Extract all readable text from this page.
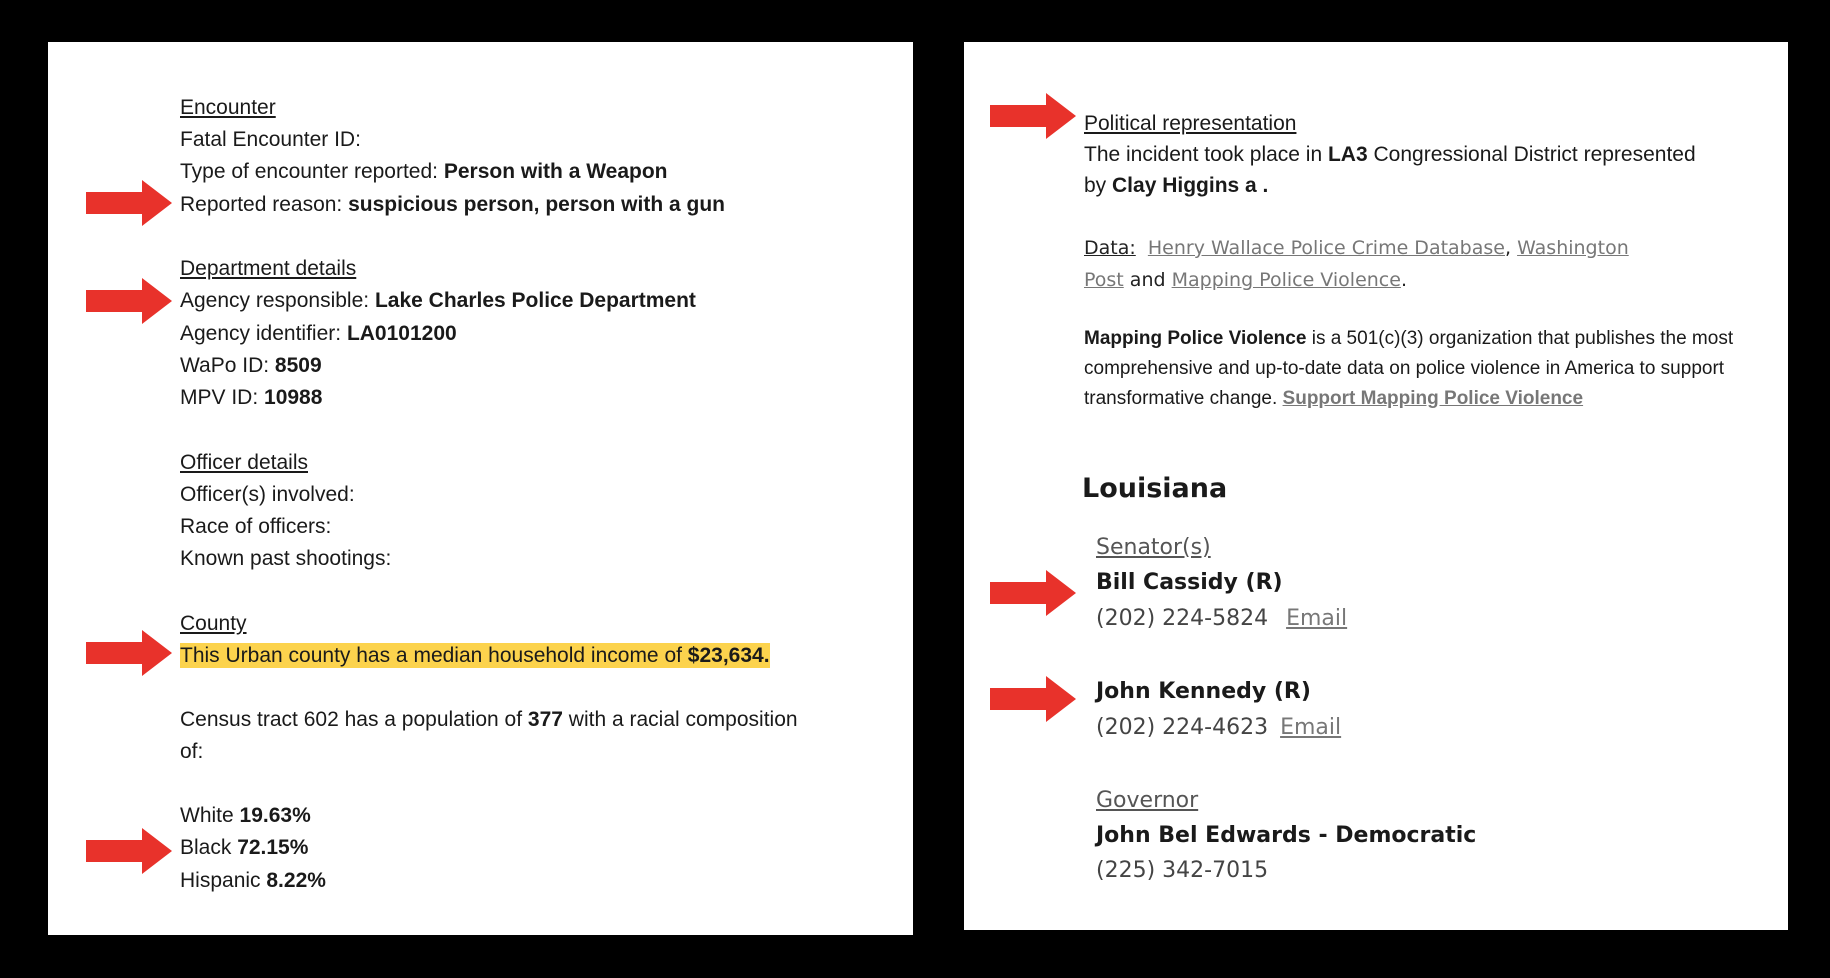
Encounter
Fatal Encounter ID:
Type of encounter reported: Person with a Weapon
Reported reason: suspicious person, person with a gun
Department details
Agency responsible: Lake Charles Police Department
Agency identifier: LA0101200
WaPo ID: 8509
MPV ID: 10988
Officer details
Officer(s) involved:
Race of officers:
Known past shootings:
County
This Urban county has a median household income of $23,634.
Census tract 602 has a population of 377 with a racial composition
of:
White 19.63%
Black 72.15%
Hispanic 8.22%
Political representation
The incident took place in LA3 Congressional District represented
by Clay Higgins a .
Data: Henry Wallace Police Crime Database, Washington
Post and Mapping Police Violence.
Mapping Police Violence is a 501(c)(3) organization that publishes the most comprehensive and up-to-date data on police violence in America to support transformative change. Support Mapping Police Violence
Louisiana
Senator(s)
Bill Cassidy (R)
(202) 224-5824 Email
John Kennedy (R)
(202) 224-4623 Email
Governor
John Bel Edwards - Democratic
(225) 342-7015
